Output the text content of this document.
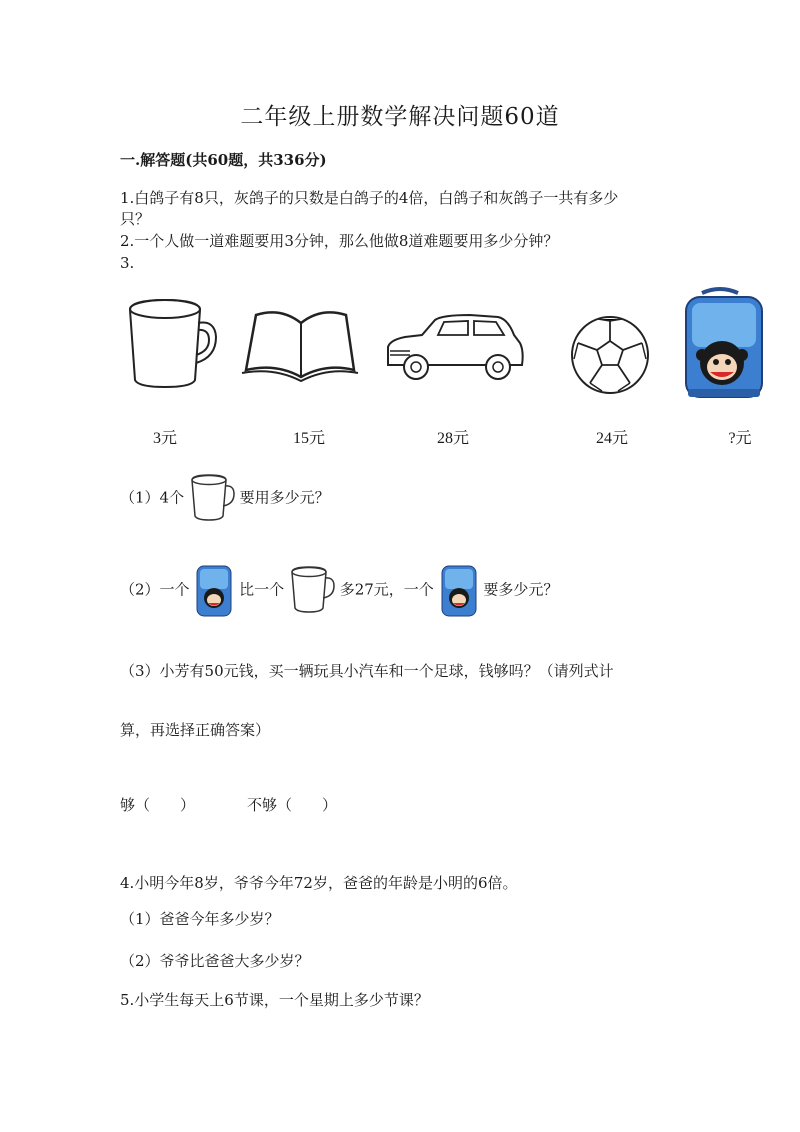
二年级上册数学解决问题60道
一.解答题(共60题，共336分)
1.白鸽子有8只，灰鸽子的只数是白鸽子的4倍，白鸽子和灰鸽子一共有多少
只？
2.一个人做一道难题要用3分钟，那么他做8道难题要用多少分钟？
3.
3元	15元	28元	24元	?元
（1）4个	要用多少元？
（2）一个	比一个	多27元，一个	要多少元？
（3）小芳有50元钱，买一辆玩具小汽车和一个足球，钱够吗？（请列式计
算，再选择正确答案）
够（　　）	不够（　　）
4.小明今年8岁，爷爷今年72岁，爸爸的年龄是小明的6倍。
（1）爸爸今年多少岁？
（2）爷爷比爸爸大多少岁？
5.小学生每天上6节课，一个星期上多少节课？
